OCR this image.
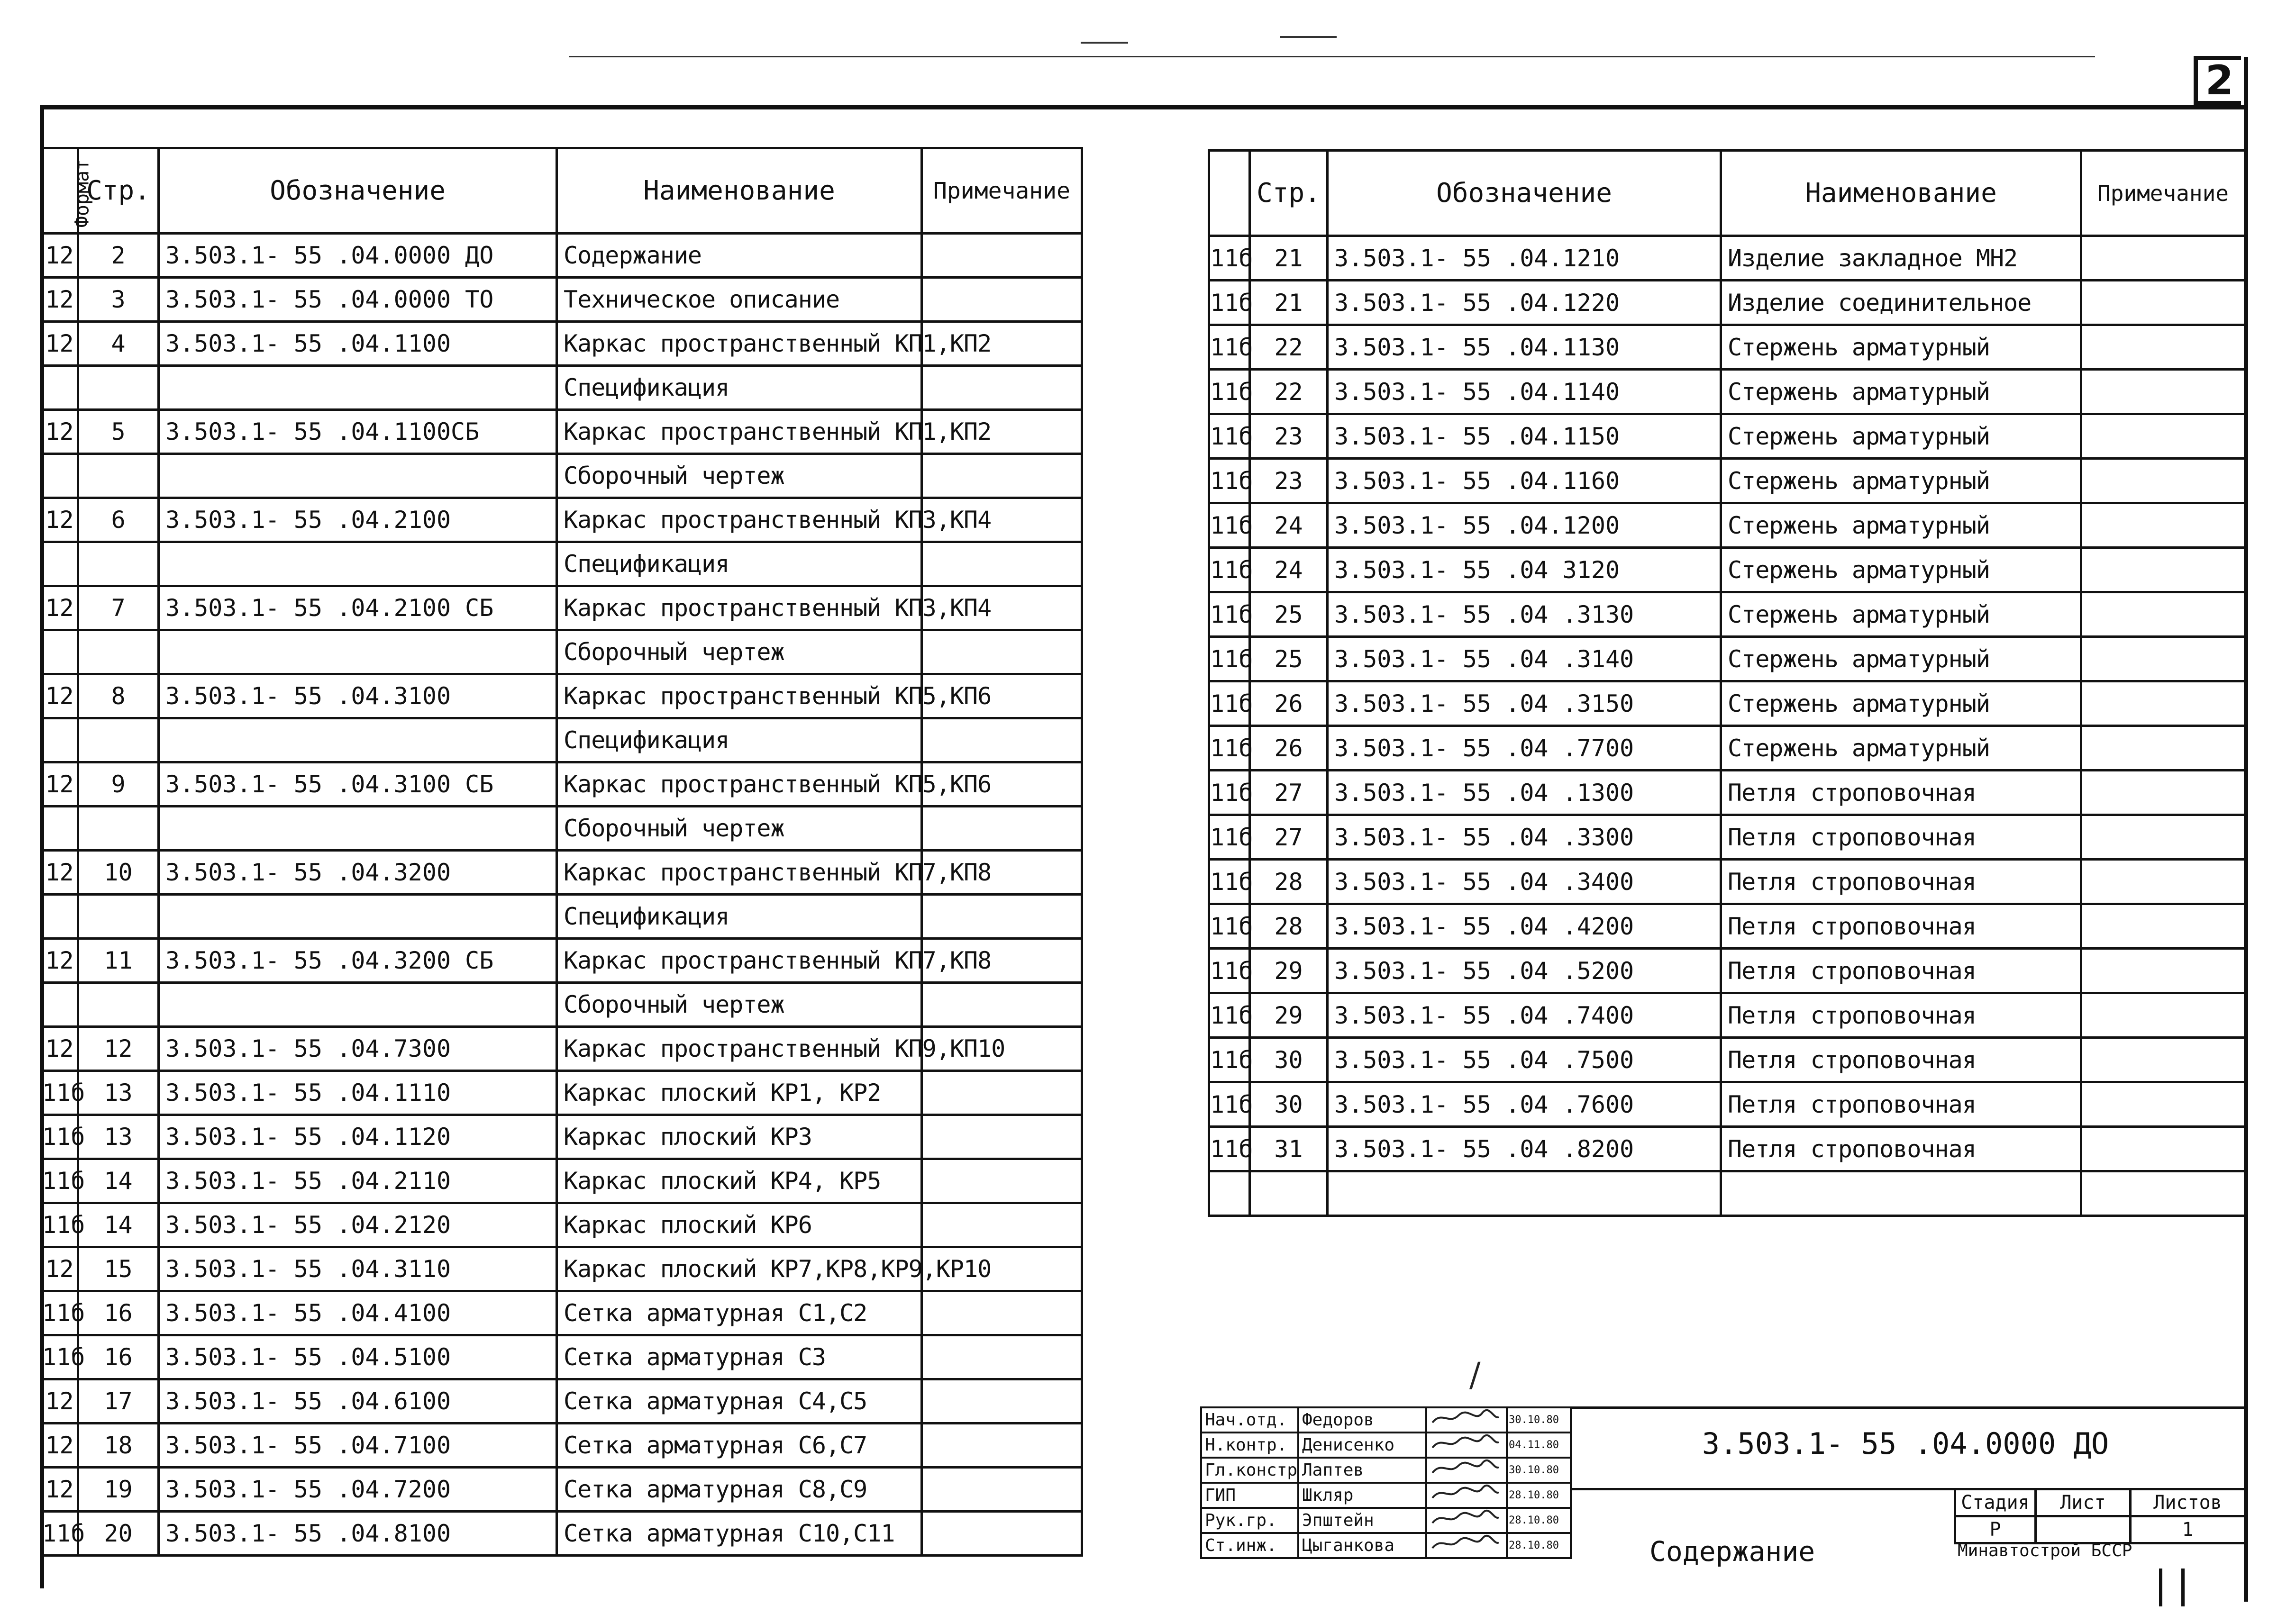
2
Формат	Стр.	Обозначение	Наименование	Примечание
12	2	3.503.1- 55 .04.0000 ДО	Содержание	
12	3	3.503.1- 55 .04.0000 ТО	Техническое описание	
12	4	3.503.1- 55 .04.1100	Каркас пространственный КП1,КП2	
			Спецификация	
12	5	3.503.1- 55 .04.1100СБ	Каркас пространственный КП1,КП2	
			Сборочный чертеж	
12	6	3.503.1- 55 .04.2100	Каркас пространственный КП3,КП4	
			Спецификация	
12	7	3.503.1- 55 .04.2100 СБ	Каркас пространственный КП3,КП4	
			Сборочный чертеж	
12	8	3.503.1- 55 .04.3100	Каркас пространственный КП5,КП6	
			Спецификация	
12	9	3.503.1- 55 .04.3100 СБ	Каркас пространственный КП5,КП6	
			Сборочный чертеж	
12	10	3.503.1- 55 .04.3200	Каркас пространственный КП7,КП8	
			Спецификация	
12	11	3.503.1- 55 .04.3200 СБ	Каркас пространственный КП7,КП8	
			Сборочный чертеж	
12	12	3.503.1- 55 .04.7300	Каркас пространственный КП9,КП10	
11б	13	3.503.1- 55 .04.1110	Каркас плоский КР1, КР2	
11б	13	3.503.1- 55 .04.1120	Каркас плоский КР3	
11б	14	3.503.1- 55 .04.2110	Каркас плоский КР4, КР5	
11б	14	3.503.1- 55 .04.2120	Каркас плоский КР6	
12	15	3.503.1- 55 .04.3110	Каркас плоский КР7,КР8,КР9,КР10	
11б	16	3.503.1- 55 .04.4100	Сетка арматурная С1,С2	
11б	16	3.503.1- 55 .04.5100	Сетка арматурная С3	
12	17	3.503.1- 55 .04.6100	Сетка арматурная С4,С5	
12	18	3.503.1- 55 .04.7100	Сетка арматурная С6,С7	
12	19	3.503.1- 55 .04.7200	Сетка арматурная С8,С9	
11б	20	3.503.1- 55 .04.8100	Сетка арматурная С10,С11	
	Стр.	Обозначение	Наименование	Примечание
11б	21	3.503.1- 55 .04.1210	Изделие закладное МН2	
11б	21	3.503.1- 55 .04.1220	Изделие соединительное	
11б	22	3.503.1- 55 .04.1130	Стержень арматурный	
11б	22	3.503.1- 55 .04.1140	Стержень арматурный	
11б	23	3.503.1- 55 .04.1150	Стержень арматурный	
11б	23	3.503.1- 55 .04.1160	Стержень арматурный	
11б	24	3.503.1- 55 .04.1200	Стержень арматурный	
11б	24	3.503.1- 55 .04 3120	Стержень арматурный	
11б	25	3.503.1- 55 .04 .3130	Стержень арматурный	
11б	25	3.503.1- 55 .04 .3140	Стержень арматурный	
11б	26	3.503.1- 55 .04 .3150	Стержень арматурный	
11б	26	3.503.1- 55 .04 .7700	Стержень арматурный	
11б	27	3.503.1- 55 .04 .1300	Петля строповочная	
11б	27	3.503.1- 55 .04 .3300	Петля строповочная	
11б	28	3.503.1- 55 .04 .3400	Петля строповочная	
11б	28	3.503.1- 55 .04 .4200	Петля строповочная	
11б	29	3.503.1- 55 .04 .5200	Петля строповочная	
11б	29	3.503.1- 55 .04 .7400	Петля строповочная	
11б	30	3.503.1- 55 .04 .7500	Петля строповочная	
11б	30	3.503.1- 55 .04 .7600	Петля строповочная	
11б	31	3.503.1- 55 .04 .8200	Петля строповочная	

Нач.отд.	Федоров		30.10.80
Н.контр.	Денисенко		04.11.80
Гл.констр	Лаптев		30.10.80
ГИП	Шкляр		28.10.80
Рук.гр.	Эпштейн		28.10.80
Ст.инж.	Цыганкова		28.10.80
3.503.1- 55 .04.0000 ДО
Содержание
Стадия	Лист	Листов
Р		1
Минавтострой БССР
/
